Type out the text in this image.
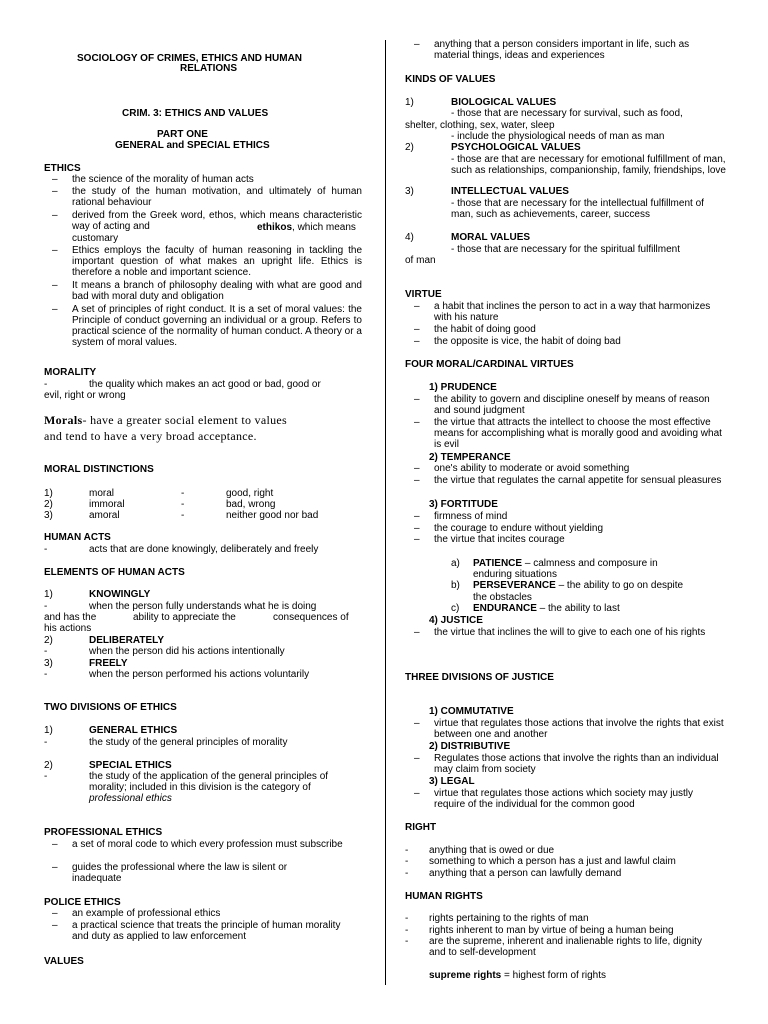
SOCIOLOGY OF CRIMES, ETHICS AND HUMAN
RELATIONS
CRIM. 3: ETHICS AND VALUES
PART ONE
GENERAL and SPECIAL ETHICS
ETHICS
– the science of the morality of human acts
– the study of the human motivation, and ultimately of human rational behaviour
– derived from the Greek word, ethos, which means characteristic way of acting and	ethikos, which means
customary
– Ethics employs the faculty of human reasoning in tackling the important question of what makes an upright life. Ethics is therefore a noble and important science.
– It means a branch of philosophy dealing with what are good and bad with moral duty and obligation
– A set of principles of right conduct. It is a set of moral values: the Principle of conduct governing an individual or a group. Refers to practical science of the normality of human conduct. A theory or a system of moral values.
MORALITY
-	the quality which makes an act good or bad, good or
evil, right or wrong
Morals- have a greater social element to values
and tend to have a very broad acceptance.
MORAL DISTINCTIONS
1)	moral	-	good, right
2)	immoral	-	bad, wrong
3)	amoral	-	neither good nor bad
HUMAN ACTS
-	acts that are done knowingly, deliberately and freely
ELEMENTS OF HUMAN ACTS
1)	KNOWINGLY
-	when the person fully understands what he is doing
and has the	ability to appreciate the	consequences of
his actions
2)	DELIBERATELY
-	when the person did his actions intentionally
3)	FREELY
-	when the person performed his actions voluntarily
TWO DIVISIONS OF ETHICS
1)	GENERAL ETHICS
-	the study of the general principles of morality
2)	SPECIAL ETHICS
-	the study of the application of the general principles of
morality; included in this division is the category of
professional ethics
PROFESSIONAL ETHICS
– a set of moral code to which every profession must subscribe
– guides the professional where the law is silent or inadequate
POLICE ETHICS
– an example of professional ethics
– a practical science that treats the principle of human morality and duty as applied to law enforcement
VALUES
– anything that a person considers important in life, such as material things, ideas and experiences
KINDS OF VALUES
1)	BIOLOGICAL VALUES
- those that are necessary for survival, such as food,
shelter, clothing, sex, water, sleep
- include the physiological needs of man as man
2)	PSYCHOLOGICAL VALUES
- those are that are necessary for emotional fulfillment of man, such as relationships, companionship, family, friendships, love
3)	INTELLECTUAL VALUES
- those that are necessary for the intellectual fulfillment of man, such as achievements, career, success
4)	MORAL VALUES
- those that are necessary for the spiritual fulfillment
of man
VIRTUE
– a habit that inclines the person to act in a way that harmonizes with his nature
– the habit of doing good
– the opposite is vice, the habit of doing bad
FOUR MORAL/CARDINAL VIRTUES
1) PRUDENCE
– the ability to govern and discipline oneself by means of reason and sound judgment
– the virtue that attracts the intellect to choose the most effective means for accomplishing what is morally good and avoiding what is evil
2) TEMPERANCE
– one's ability to moderate or avoid something
– the virtue that regulates the carnal appetite for sensual pleasures
3) FORTITUDE
– firmness of mind
– the courage to endure without yielding
– the virtue that incites courage
a) PATIENCE – calmness and composure in
enduring situations
b) PERSEVERANCE – the ability to go on despite
the obstacles
c) ENDURANCE – the ability to last
4) JUSTICE
– the virtue that inclines the will to give to each one of his rights
THREE DIVISIONS OF JUSTICE
1) COMMUTATIVE
– virtue that regulates those actions that involve the rights that exist between one and another
2) DISTRIBUTIVE
– Regulates those actions that involve the rights than an individual may claim from society
3) LEGAL
– virtue that regulates those actions which society may justly require of the individual for the common good
RIGHT
- anything that is owed or due
- something to which a person has a just and lawful claim
- anything that a person can lawfully demand
HUMAN RIGHTS
- rights pertaining to the rights of man
- rights inherent to man by virtue of being a human being
- are the supreme, inherent and inalienable rights to life, dignity and to self-development
supreme rights = highest form of rights
